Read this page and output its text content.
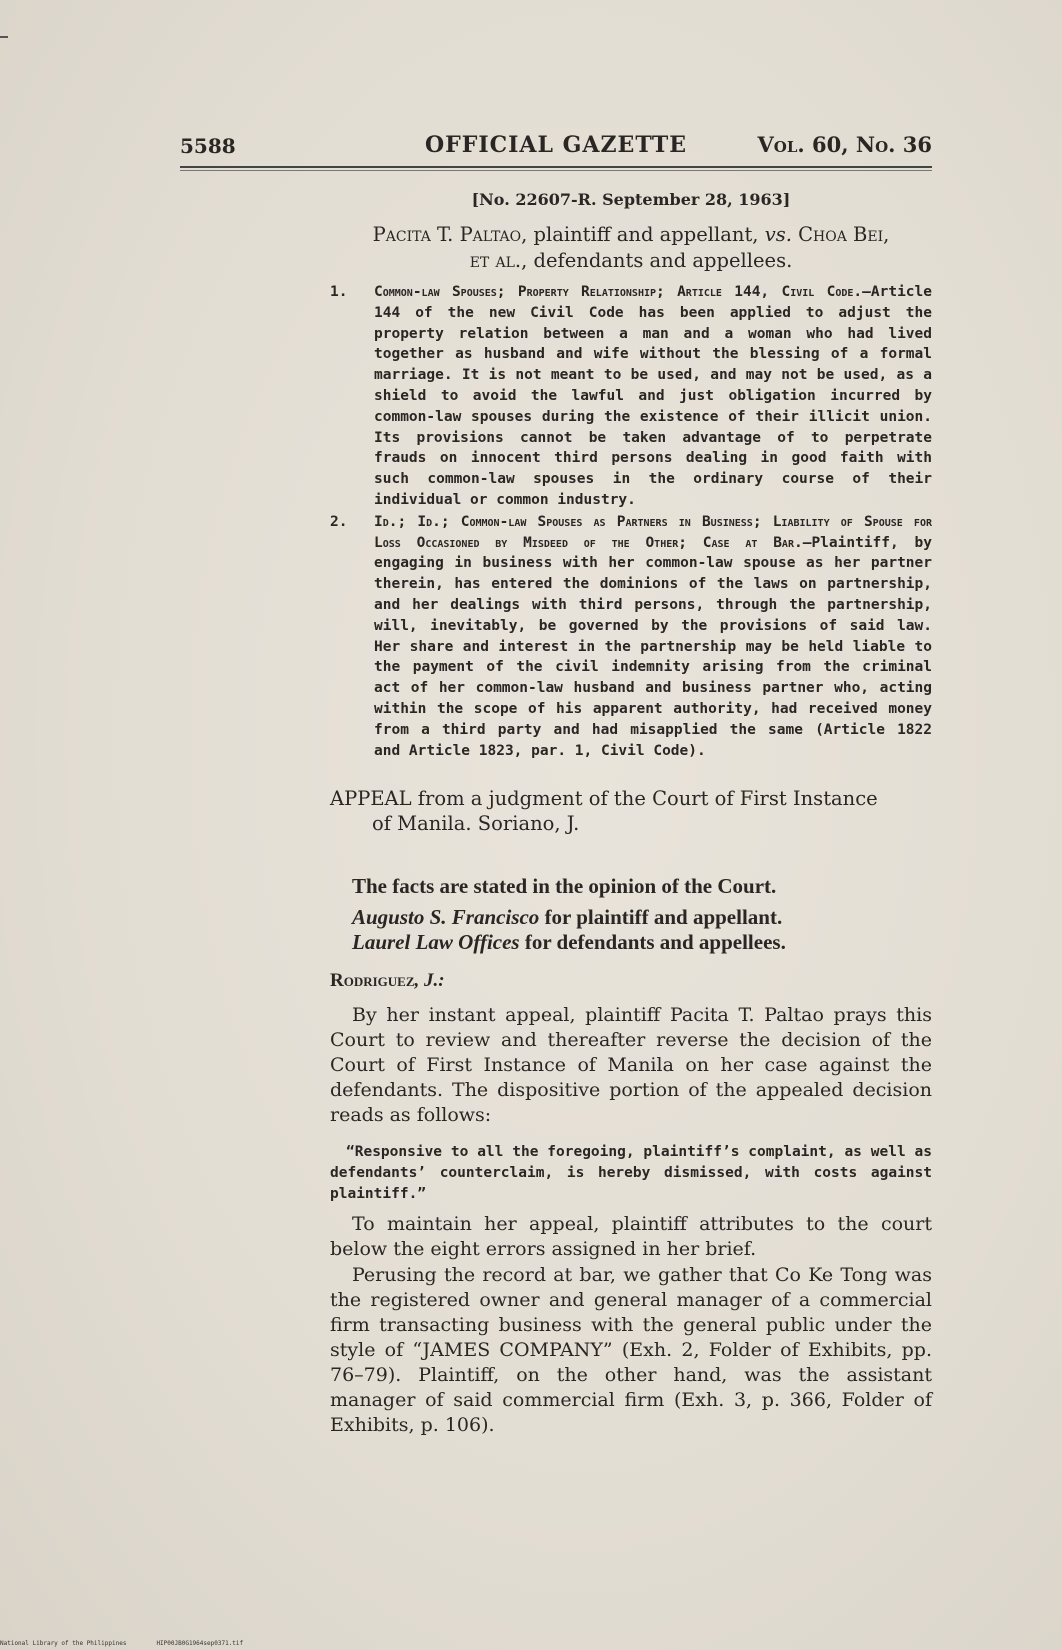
5588	OFFICIAL GAZETTE	Vol. 60, No. 36
[No. 22607-R. September 28, 1963]
Pacita T. Paltao, plaintiff and appellant, vs. Choa Bei,
et al., defendants and appellees.
1. Common-law Spouses; Property Relationship; Article 144, Civil Code.—Article 144 of the new Civil Code has been applied to adjust the property relation between a man and a woman who had lived together as husband and wife without the blessing of a formal marriage. It is not meant to be used, and may not be used, as a shield to avoid the lawful and just obligation incurred by common-law spouses during the existence of their illicit union. Its provisions cannot be taken advantage of to perpetrate frauds on innocent third persons dealing in good faith with such common-law spouses in the ordinary course of their individual or common industry.
2. Id.; Id.; Common-law Spouses as Partners in Business; Liability of Spouse for Loss Occasioned by Misdeed of the Other; Case at Bar.—Plaintiff, by engaging in business with her common-law spouse as her partner therein, has entered the dominions of the laws on partnership, and her dealings with third persons, through the partnership, will, inevitably, be governed by the provisions of said law. Her share and interest in the partnership may be held liable to the payment of the civil indemnity arising from the criminal act of her common-law husband and business partner who, acting within the scope of his apparent authority, had received money from a third party and had misapplied the same (Article 1822 and Article 1823, par. 1, Civil Code).
APPEAL from a judgment of the Court of First Instance
of Manila. Soriano, J.
The facts are stated in the opinion of the Court.
Augusto S. Francisco for plaintiff and appellant.
Laurel Law Offices for defendants and appellees.
Rodriguez, J.:
By her instant appeal, plaintiff Pacita T. Paltao prays this Court to review and thereafter reverse the decision of the Court of First Instance of Manila on her case against the defendants. The dispositive portion of the appealed decision reads as follows:
“Responsive to all the foregoing, plaintiff’s complaint, as well as defendants’ counterclaim, is hereby dismissed, with costs against plaintiff.”
To maintain her appeal, plaintiff attributes to the court below the eight errors assigned in her brief.
Perusing the record at bar, we gather that Co Ke Tong was the registered owner and general manager of a commercial firm transacting business with the general public under the style of “JAMES COMPANY” (Exh. 2, Folder of Exhibits, pp. 76–79). Plaintiff, on the other hand, was the assistant manager of said commercial firm (Exh. 3, p. 366, Folder of Exhibits, p. 106).
National Library of the Philippines	HIP00JB0G1964sep0371.tif
